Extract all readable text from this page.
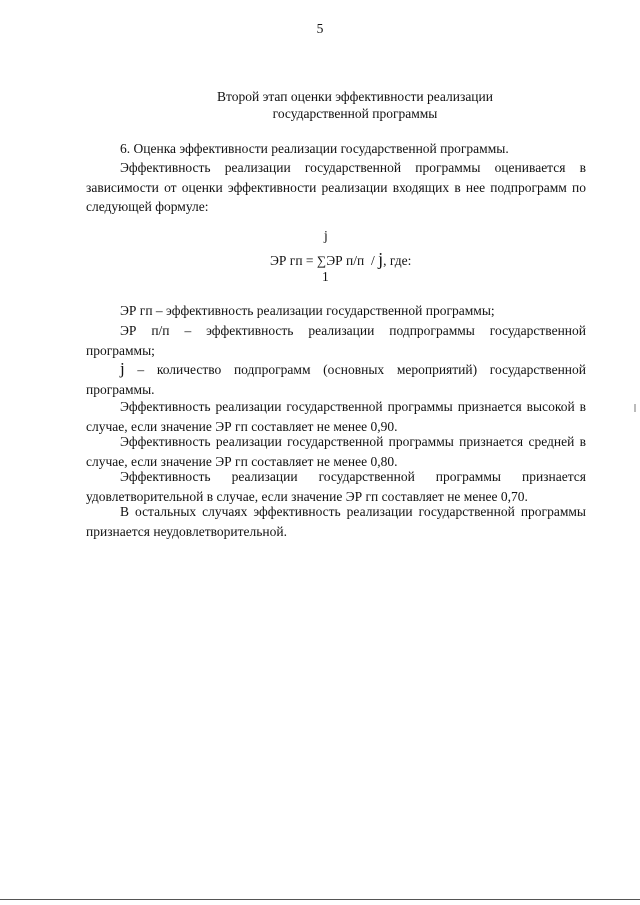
5
Второй этап оценки эффективности реализации
государственной программы

6. Оценка эффективности реализации государственной программы.

Эффективность реализации государственной программы оценивается в зависимости от оценки эффективности реализации входящих в нее подпрограмм по следующей формуле:

j
ЭР гп = ∑ЭР п/п  / j, где:
1

ЭР гп – эффективность реализации государственной программы;

ЭР п/п – эффективность реализации подпрограммы государственной программы;

j – количество подпрограмм (основных мероприятий) государственной программы.

Эффективность реализации государственной программы признается высокой в случае, если значение ЭР гп составляет не менее 0,90.

Эффективность реализации государственной программы признается средней в случае, если значение ЭР гп составляет не менее 0,80.

Эффективность реализации государственной программы признается удовлетворительной в случае, если значение ЭР гп составляет не менее 0,70.

В остальных случаях эффективность реализации государственной программы признается неудовлетворительной.
